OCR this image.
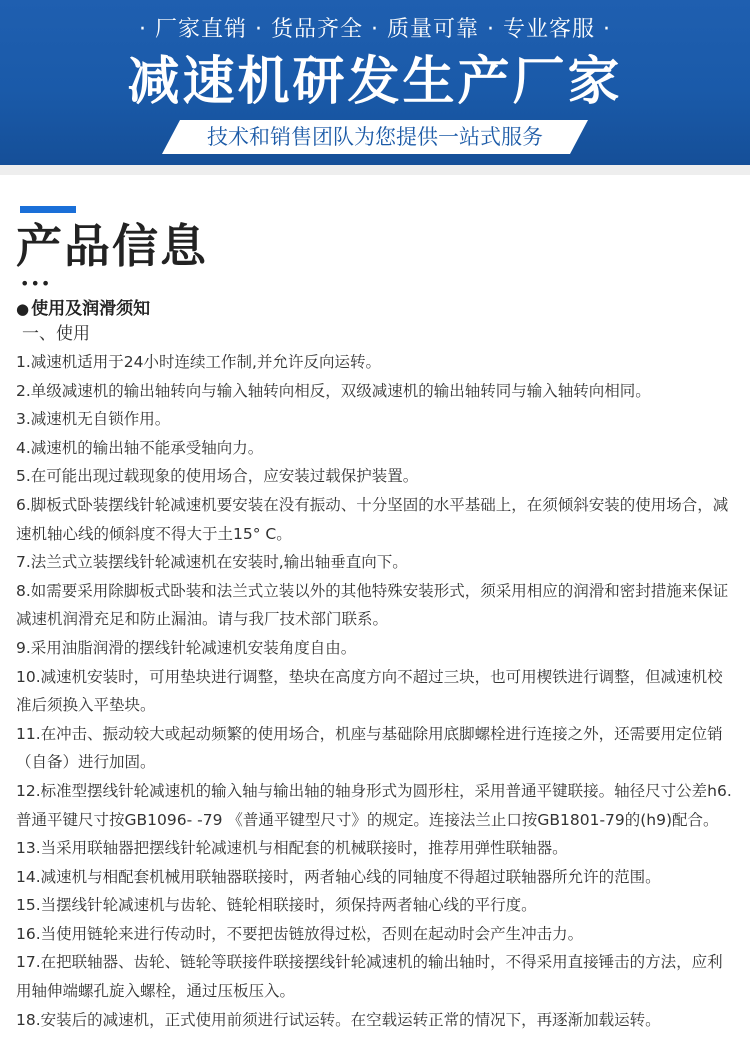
· 厂家直销 · 货品齐全 · 质量可靠 · 专业客服 ·
减速机研发生产厂家
技术和销售团队为您提供一站式服务
产品信息
•••
● 使用及润滑须知
一、使用
1.减速机适用于24小时连续工作制,并允许反向运转。
2.单级减速机的输出轴转向与输入轴转向相反，双级减速机的输出轴转同与输入轴转向相同。
3.减速机无自锁作用。
4.减速机的输出轴不能承受轴向力。
5.在可能出现过载现象的使用场合，应安装过载保护装置。
6.脚板式卧装摆线针轮减速机要安装在没有振动、十分坚固的水平基础上，在须倾斜安装的使用场合，减速机轴心线的倾斜度不得大于土15° C。
7.法兰式立装摆线针轮减速机在安装时,输出轴垂直向下。
8.如需要采用除脚板式卧装和法兰式立装以外的其他特殊安装形式，须采用相应的润滑和密封措施来保证减速机润滑充足和防止漏油。请与我厂技术部门联系。
9.采用油脂润滑的摆线针轮减速机安装角度自由。
10.减速机安装时，可用垫块进行调整，垫块在高度方向不超过三块，也可用楔铁进行调整，但减速机校准后须换入平垫块。
11.在冲击、振动较大或起动频繁的使用场合，机座与基础除用底脚螺栓进行连接之外，还需要用定位销（自备）进行加固。
12.标准型摆线针轮减速机的输入轴与输出轴的轴身形式为圆形柱，采用普通平键联接。轴径尺寸公差h6.普通平键尺寸按GB1096- -79 《普通平键型尺寸》的规定。连接法兰止口按GB1801-79的(h9)配合。
13.当采用联轴器把摆线针轮减速机与相配套的机械联接时，推荐用弹性联轴器。
14.减速机与相配套机械用联轴器联接时，两者轴心线的同轴度不得超过联轴器所允许的范围。
15.当摆线针轮减速机与齿轮、链轮相联接时，须保持两者轴心线的平行度。
16.当使用链轮来进行传动时，不要把齿链放得过松，否则在起动时会产生冲击力。
17.在把联轴器、齿轮、链轮等联接件联接摆线针轮减速机的输出轴时，不得采用直接锤击的方法，应利用轴伸端螺孔旋入螺栓，通过压板压入。
18.安装后的减速机，正式使用前须进行试运转。在空载运转正常的情况下，再逐渐加载运转。
